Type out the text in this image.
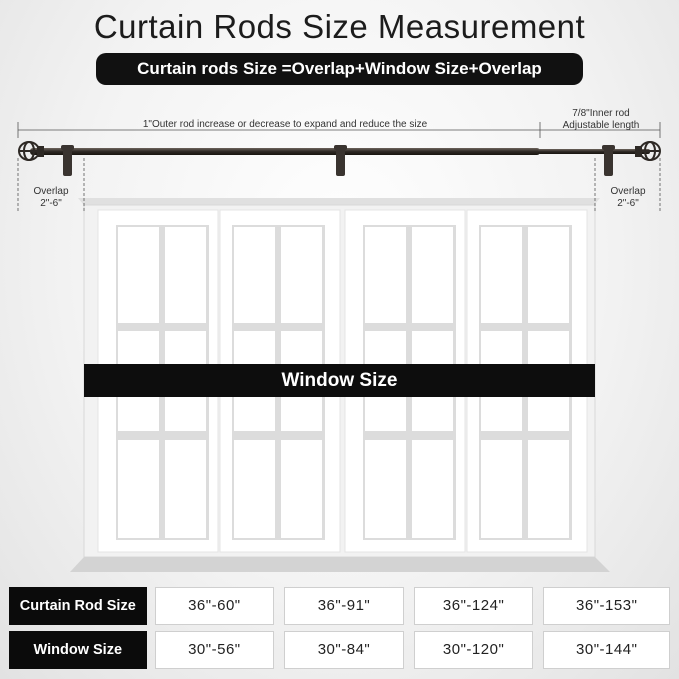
Curtain Rods Size Measurement
Curtain rods Size =Overlap+Window Size+Overlap
1"Outer rod increase or decrease to expand and reduce the size
7/8"Inner rod
Adjustable length
Overlap
2"-6"
Overlap
2"-6"
Window Size
Curtain Rod Size	36"-60"	36"-91"	36"-124"	36"-153"
Window Size	30"-56"	30"-84"	30"-120"	30"-144"
